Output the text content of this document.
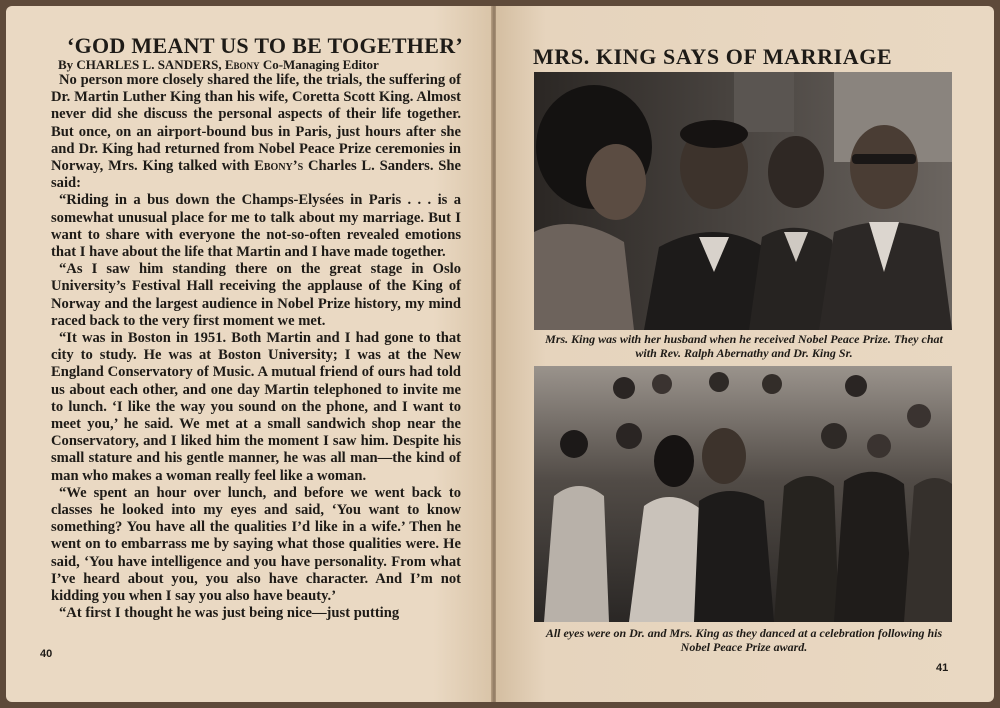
‘GOD MEANT US TO BE TOGETHER’

By CHARLES L. SANDERS, Ebony Co-Managing Editor

No person more closely shared the life, the trials, the suffering of Dr. Martin Luther King than his wife, Coretta Scott King. Almost never did she discuss the personal aspects of their life together. But once, on an airport-bound bus in Paris, just hours after she and Dr. King had returned from Nobel Peace Prize ceremonies in Norway, Mrs. King talked with Ebony’s Charles L. Sanders. She said:

“Riding in a bus down the Champs-Elysées in Paris . . . is a somewhat unusual place for me to talk about my marriage. But I want to share with everyone the not-so-often revealed emotions that I have about the life that Martin and I have made together.

“As I saw him standing there on the great stage in Oslo University’s Festival Hall receiving the applause of the King of Norway and the largest audience in Nobel Prize history, my mind raced back to the very first moment we met.

“It was in Boston in 1951. Both Martin and I had gone to that city to study. He was at Boston University; I was at the New England Conservatory of Music. A mutual friend of ours had told us about each other, and one day Martin telephoned to invite me to lunch. ‘I like the way you sound on the phone, and I want to meet you,’ he said. We met at a small sandwich shop near the Conservatory, and I liked him the moment I saw him. Despite his small stature and his gentle manner, he was all man—the kind of man who makes a woman really feel like a woman.

“We spent an hour over lunch, and before we went back to classes he looked into my eyes and said, ‘You want to know something? You have all the qualities I’d like in a wife.’ Then he went on to embarrass me by saying what those qualities were. He said, ‘You have intelligence and you have personality. From what I’ve heard about you, you also have character. And I’m not kidding you when I say you also have beauty.’

“At first I thought he was just being nice—just putting

40
MRS. KING SAYS OF MARRIAGE

Mrs. King was with her husband when he received Nobel Peace Prize. They chat with Rev. Ralph Abernathy and Dr. King Sr.

All eyes were on Dr. and Mrs. King as they danced at a celebration following his Nobel Peace Prize award.

41
